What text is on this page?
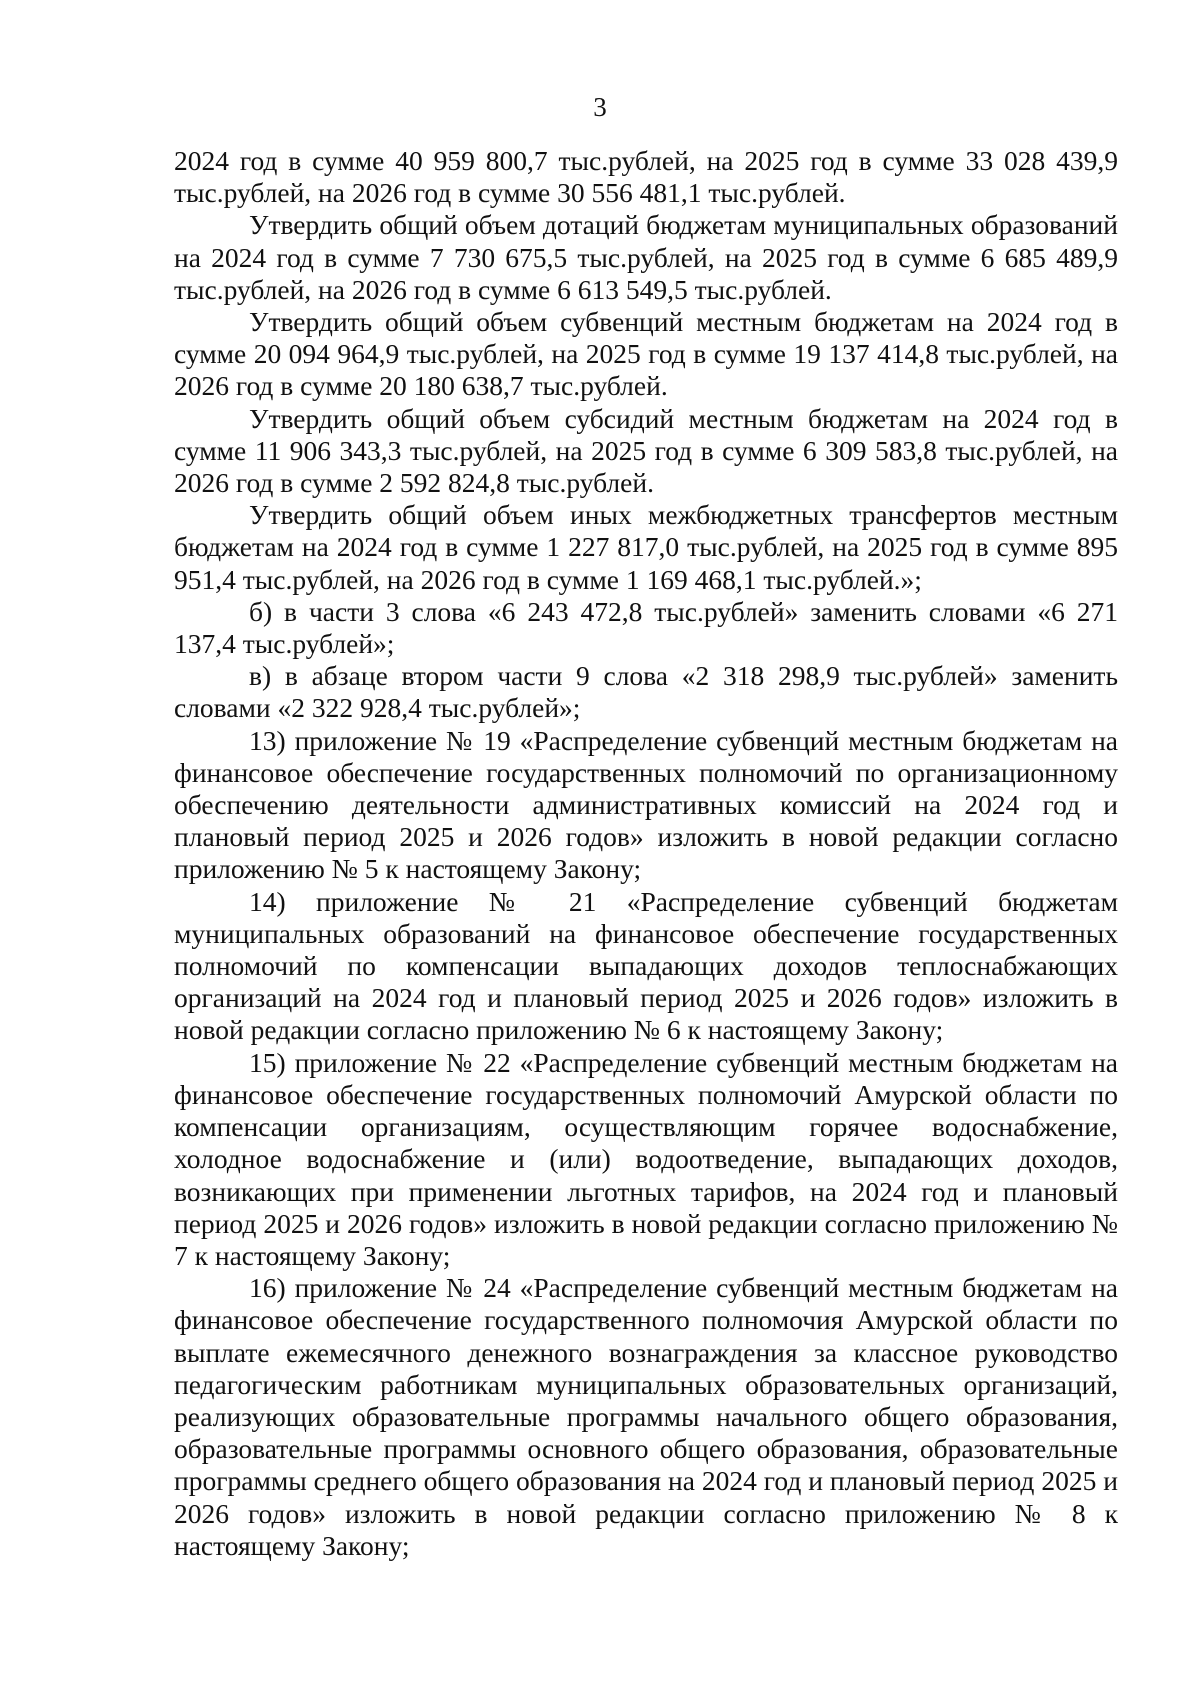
3

2024 год в сумме 40 959 800,7 тыс.рублей, на 2025 год в сумме 33 028 439,9 тыс.рублей, на 2026 год в сумме 30 556 481,1 тыс.рублей.

Утвердить общий объем дотаций бюджетам муниципальных образований на 2024 год в сумме 7 730 675,5 тыс.рублей, на 2025 год в сумме 6 685 489,9 тыс.рублей, на 2026 год в сумме 6 613 549,5 тыс.рублей.

Утвердить общий объем субвенций местным бюджетам на 2024 год в сумме 20 094 964,9 тыс.рублей, на 2025 год в сумме 19 137 414,8 тыс.рублей, на 2026 год в сумме 20 180 638,7 тыс.рублей.

Утвердить общий объем субсидий местным бюджетам на 2024 год в сумме 11 906 343,3 тыс.рублей, на 2025 год в сумме 6 309 583,8 тыс.рублей, на 2026 год в сумме 2 592 824,8 тыс.рублей.

Утвердить общий объем иных межбюджетных трансфертов местным бюджетам на 2024 год в сумме 1 227 817,0 тыс.рублей, на 2025 год в сумме 895 951,4 тыс.рублей, на 2026 год в сумме 1 169 468,1 тыс.рублей.»;

б) в части 3 слова «6 243 472,8 тыс.рублей» заменить словами «6 271 137,4 тыс.рублей»;

в) в абзаце втором части 9 слова «2 318 298,9 тыс.рублей» заменить словами «2 322 928,4 тыс.рублей»;

13) приложение № 19 «Распределение субвенций местным бюджетам на финансовое обеспечение государственных полномочий по организационному обеспечению деятельности административных комиссий на 2024 год и плановый период 2025 и 2026 годов» изложить в новой редакции согласно приложению № 5 к настоящему Закону;

14) приложение № 21 «Распределение субвенций бюджетам муниципальных образований на финансовое обеспечение государственных полномочий по компенсации выпадающих доходов теплоснабжающих организаций на 2024 год и плановый период 2025 и 2026 годов» изложить в новой редакции согласно приложению № 6 к настоящему Закону;

15) приложение № 22 «Распределение субвенций местным бюджетам на финансовое обеспечение государственных полномочий Амурской области по компенсации организациям, осуществляющим горячее водоснабжение, холодное водоснабжение и (или) водоотведение, выпадающих доходов, возникающих при применении льготных тарифов, на 2024 год и плановый период 2025 и 2026 годов» изложить в новой редакции согласно приложению № 7 к настоящему Закону;

16) приложение № 24 «Распределение субвенций местным бюджетам на финансовое обеспечение государственного полномочия Амурской области по выплате ежемесячного денежного вознаграждения за классное руководство педагогическим работникам муниципальных образовательных организаций, реализующих образовательные программы начального общего образования, образовательные программы основного общего образования, образовательные программы среднего общего образования на 2024 год и плановый период 2025 и 2026 годов» изложить в новой редакции согласно приложению № 8 к настоящему Закону;
